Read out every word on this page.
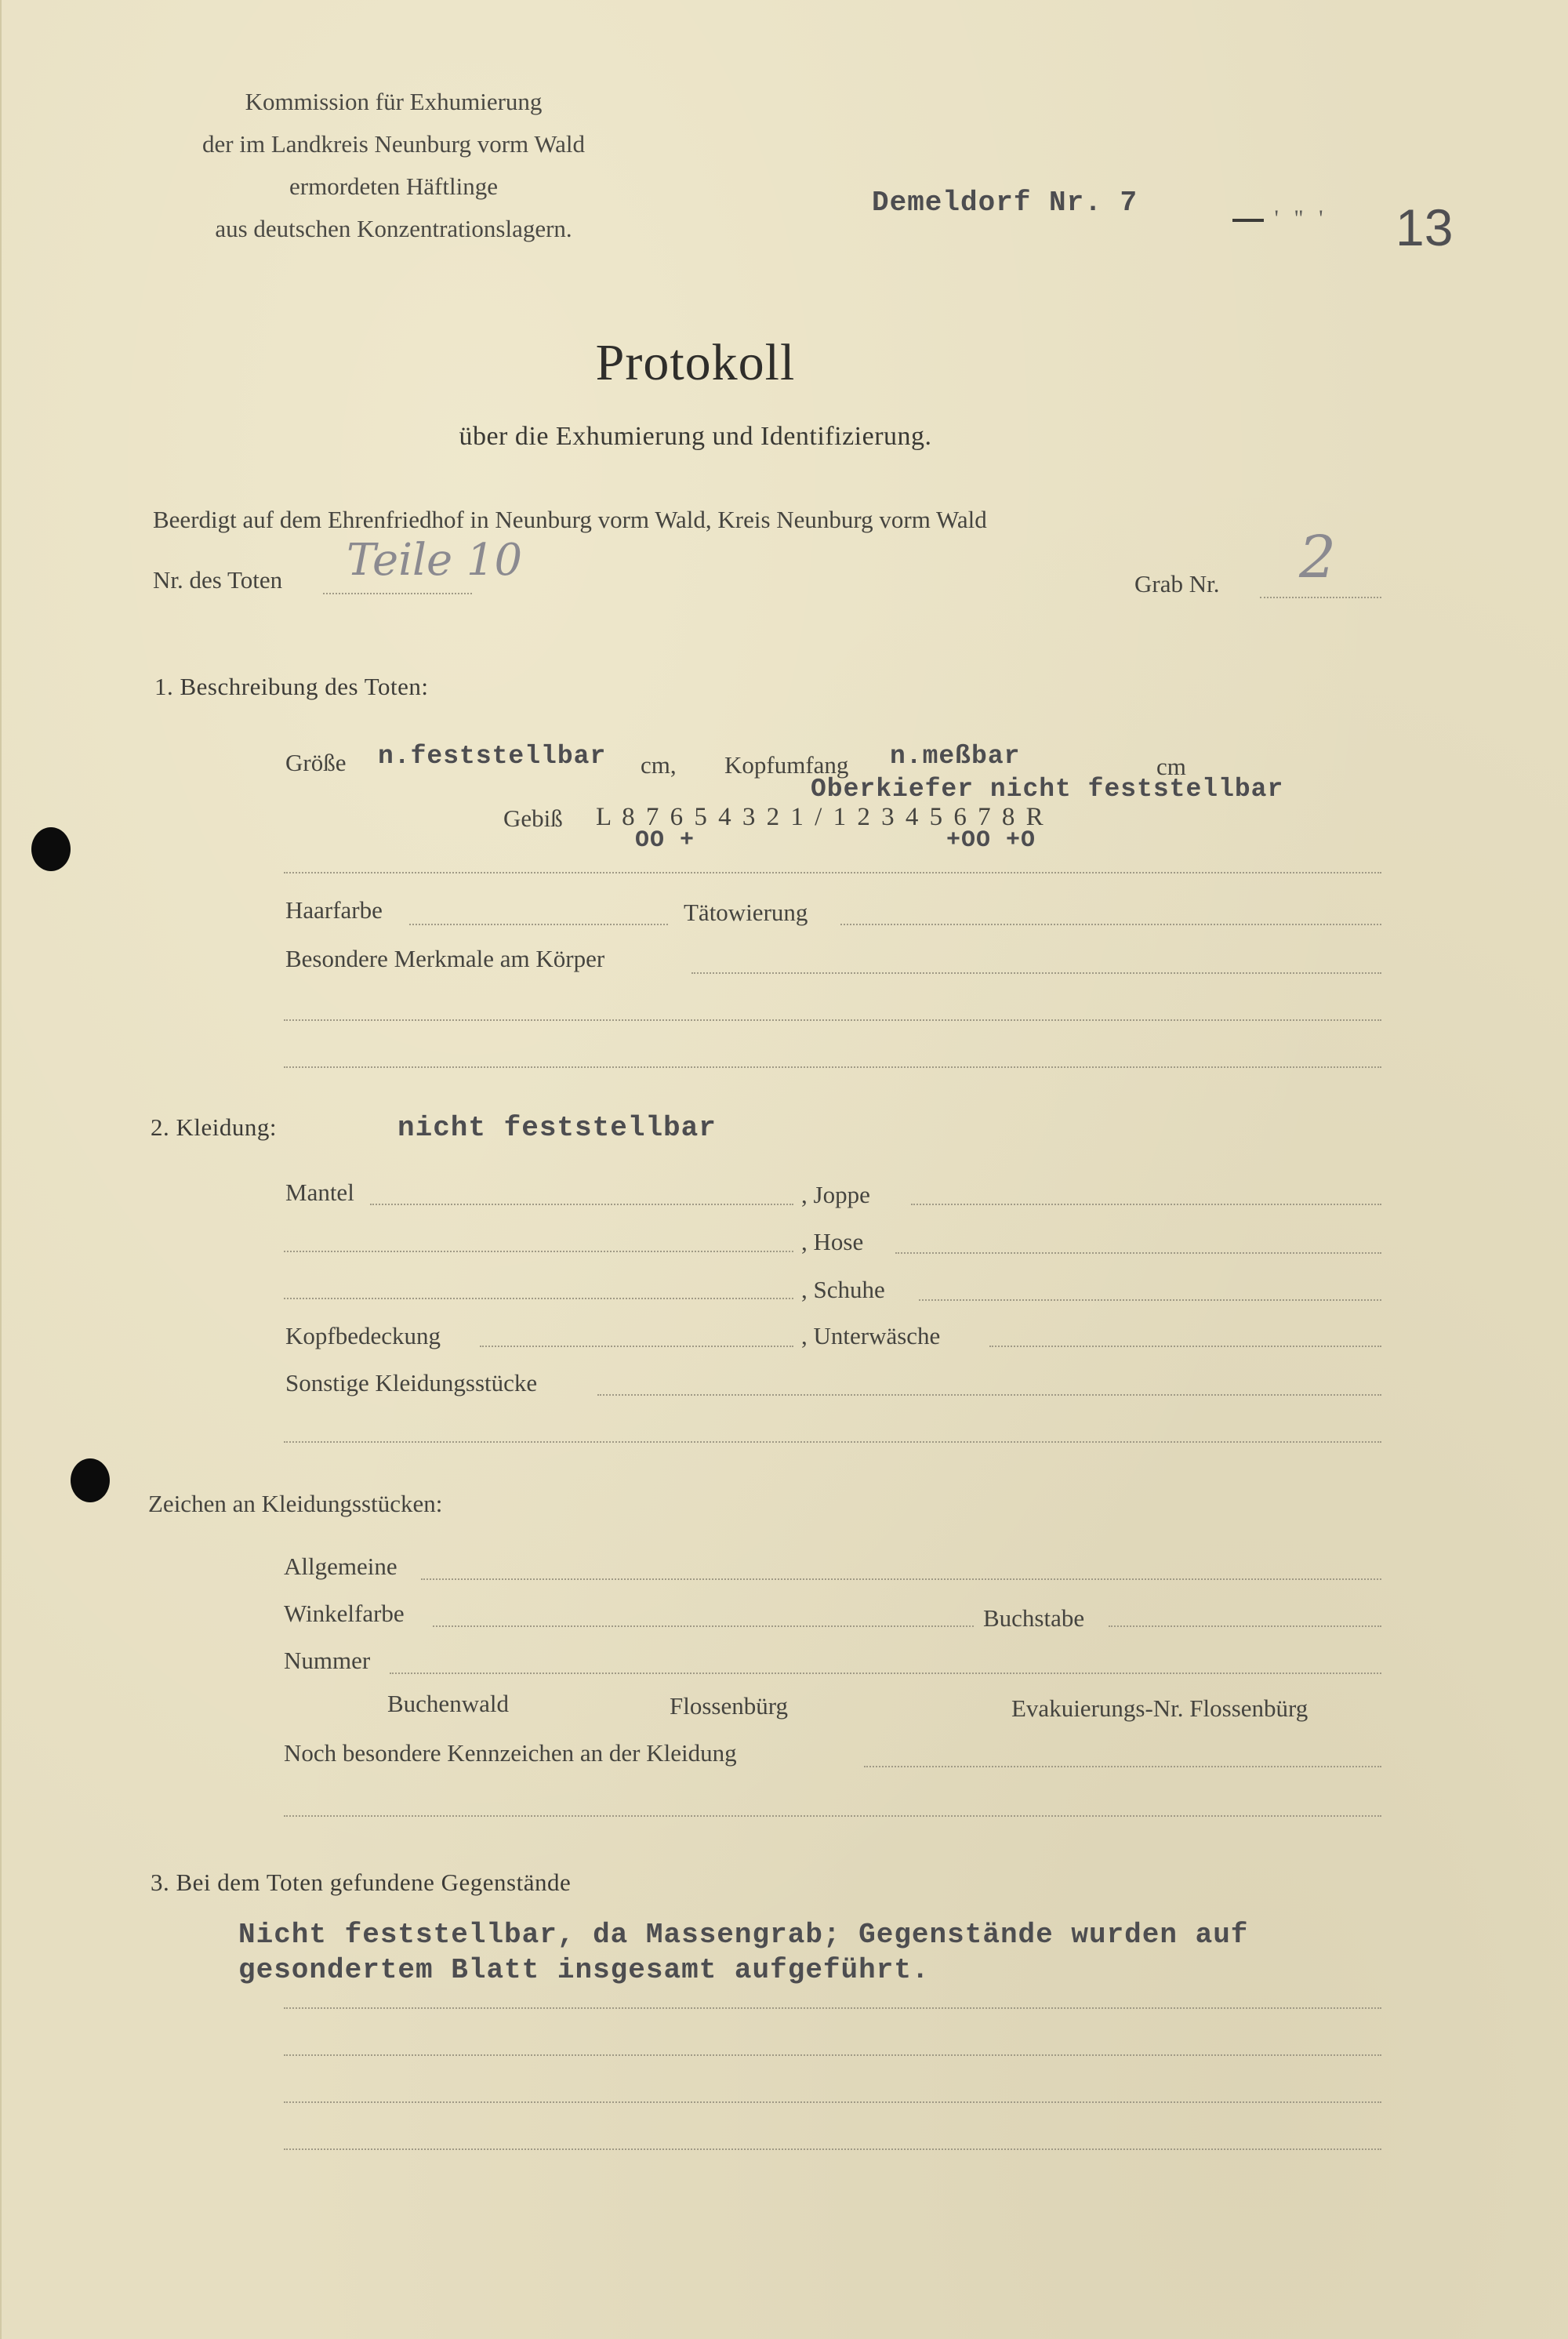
Kommission für Exhumierung
der im Landkreis Neunburg vorm Wald
ermordeten Häftlinge
aus deutschen Konzentrationslagern.
Demeldorf Nr. 7	' " '	13
Protokoll
über die Exhumierung und Identifizierung.
Beerdigt auf dem Ehrenfriedhof in Neunburg vorm Wald, Kreis Neunburg vorm Wald
Nr. des Toten Teile 10	Grab Nr. 2
1. Beschreibung des Toten:
Größe n.feststellbar cm, Kopfumfang n.meßbar	cm
Oberkiefer nicht feststellbar
Gebiß L 8 7 6 5 4 3 2 1 / 1 2 3 4 5 6 7 8 R
OO +	+OO +O
Haarfarbe	Tätowierung
Besondere Merkmale am Körper
2. Kleidung:	nicht feststellbar
Mantel	, Joppe
, Hose
, Schuhe
Kopfbedeckung	, Unterwäsche
Sonstige Kleidungsstücke
Zeichen an Kleidungsstücken:
Allgemeine
Winkelfarbe	Buchstabe
Nummer
Buchenwald	Flossenbürg	Evakuierungs-Nr. Flossenbürg
Noch besondere Kennzeichen an der Kleidung
3. Bei dem Toten gefundene Gegenstände
Nicht feststellbar, da Massengrab; Gegenstände wurden auf
gesondertem Blatt insgesamt aufgeführt.
